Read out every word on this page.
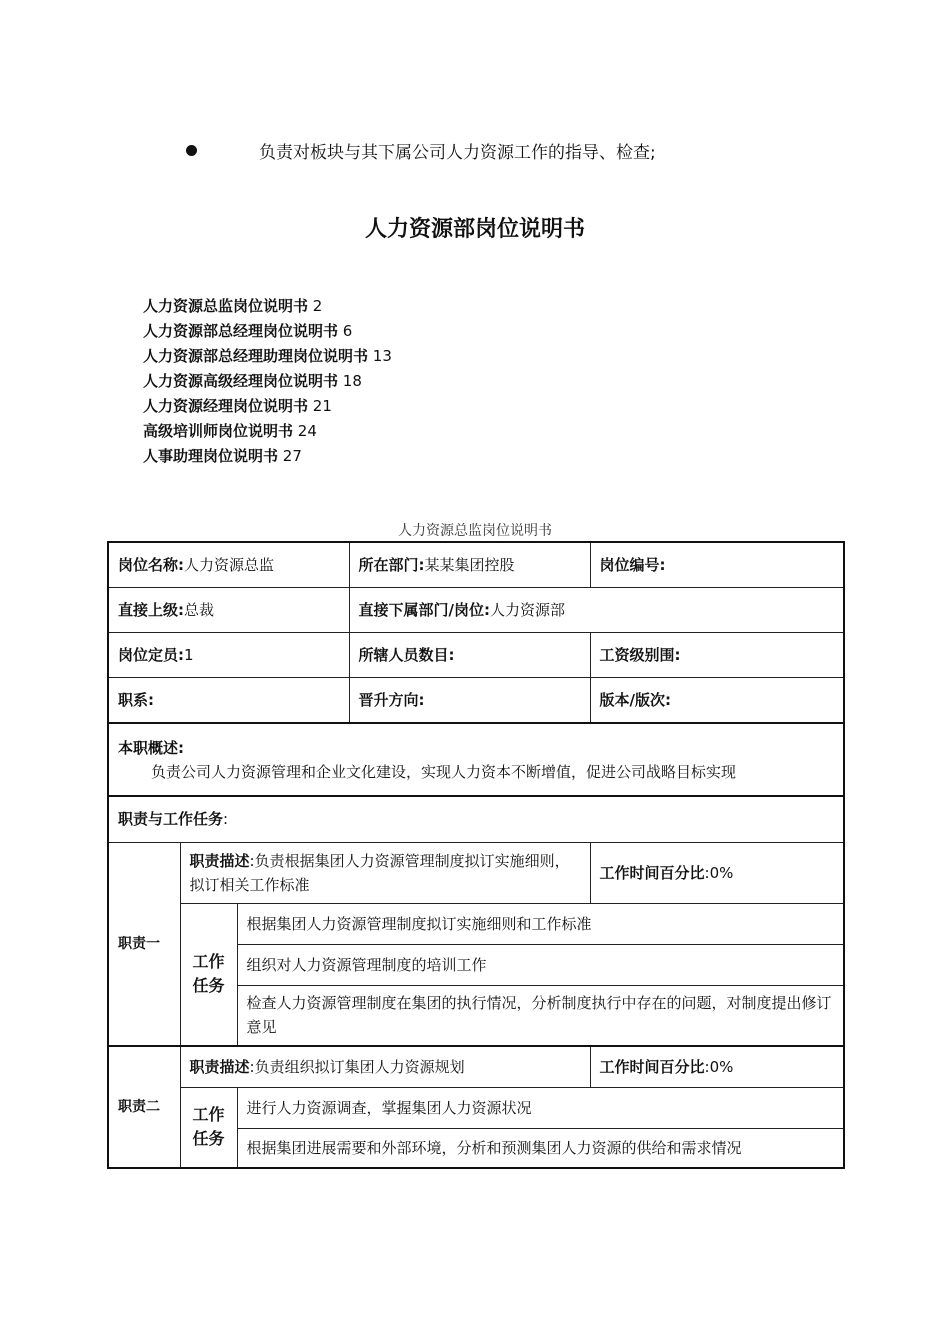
负责对板块与其下属公司人力资源工作的指导、检查;
人力资源部岗位说明书
人力资源总监岗位说明书 2
人力资源部总经理岗位说明书 6
人力资源部总经理助理岗位说明书 13
人力资源高级经理岗位说明书 18
人力资源经理岗位说明书 21
高级培训师岗位说明书 24
人事助理岗位说明书 27
人力资源总监岗位说明书
岗位名称:人力资源总监			所在部门:某某集团控股	岗位编号:
直接上级:总裁			直接下属部门/岗位:人力资源部	
岗位定员:1			所辖人员数目:	工资级别围:
职系:			晋升方向:	版本/版次:

本职概述:
负责公司人力资源管理和企业文化建设，实现人力资本不断增值，促进公司战略目标实现				

职责与工作任务:				
职责一	职责描述:负责根据集团人力资源管理制度拟订实施细则，拟订相关工作标准			工作时间百分比:0%

	工作
任务	根据集团人力资源管理制度拟订实施细则和工作标准		
		组织对人力资源管理制度的培训工作		
		检查人力资源管理制度在集团的执行情况，分析制度执行中存在的问题，对制度提出修订意见		
职责二	职责描述:负责组织拟订集团人力资源规划			工作时间百分比:0%

	工作
任务	进行人力资源调查，掌握集团人力资源状况		
		根据集团进展需要和外部环境，分析和预测集团人力资源的供给和需求情况		
